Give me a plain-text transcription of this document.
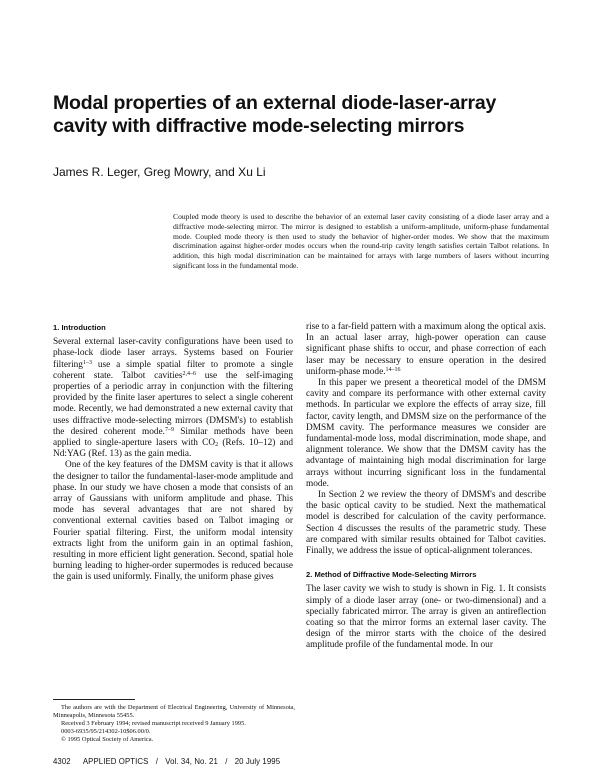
Modal properties of an external diode-laser-array
cavity with diffractive mode-selecting mirrors
James R. Leger, Greg Mowry, and Xu Li

Coupled mode theory is used to describe the behavior of an external laser cavity consisting of a diode laser array and a diffractive mode-selecting mirror. The mirror is designed to establish a uniform-amplitude, uniform-phase fundamental mode. Coupled mode theory is then used to study the behavior of higher-order modes. We show that the maximum discrimination against higher-order modes occurs when the round-trip cavity length satisfies certain Talbot relations. In addition, this high modal discrimination can be maintained for arrays with large numbers of lasers without incurring significant loss in the fundamental mode.

1. Introduction

Several external laser-cavity configurations have been used to phase-lock diode laser arrays. Systems based on Fourier filtering$^{1-3}$ use a simple spatial filter to promote a single coherent state. Talbot cavities$^{2,4-6}$ use the self-imaging properties of a periodic array in conjunction with the filtering provided by the finite laser apertures to select a single coherent mode. Recently, we had demonstrated a new external cavity that uses diffractive mode-selecting mirrors (DMSM's) to establish the desired coherent mode.$^{7-9}$ Similar methods have been applied to single-aperture lasers with $CO_2$ (Refs. 10–12) and Nd:YAG (Ref. 13) as the gain media.

One of the key features of the DMSM cavity is that it allows the designer to tailor the fundamental-laser-mode amplitude and phase. In our study we have chosen a mode that consists of an array of Gaussians with uniform amplitude and phase. This mode has several advantages that are not shared by conventional external cavities based on Talbot imaging or Fourier spatial filtering. First, the uniform modal intensity extracts light from the uniform gain in an optimal fashion, resulting in more efficient light generation. Second, spatial hole burning leading to higher-order supermodes is reduced because the gain is used uniformly. Finally, the uniform phase gives

rise to a far-field pattern with a maximum along the optical axis. In an actual laser array, high-power operation can cause significant phase shifts to occur, and phase correction of each laser may be necessary to ensure operation in the desired uniform-phase mode.$^{14-16}$

In this paper we present a theoretical model of the DMSM cavity and compare its performance with other external cavity methods. In particular we explore the effects of array size, fill factor, cavity length, and DMSM size on the performance of the DMSM cavity. The performance measures we consider are fundamental-mode loss, modal discrimination, mode shape, and alignment tolerance. We show that the DMSM cavity has the advantage of maintaining high modal discrimination for large arrays without incurring significant loss in the fundamental mode.

In Section 2 we review the theory of DMSM's and describe the basic optical cavity to be studied. Next the mathematical model is described for calculation of the cavity performance. Section 4 discusses the results of the parametric study. These are compared with similar results obtained for Talbot cavities. Finally, we address the issue of optical-alignment tolerances.

2. Method of Diffractive Mode-Selecting Mirrors

The laser cavity we wish to study is shown in Fig. 1. It consists simply of a diode laser array (one- or two-dimensional) and a specially fabricated mirror. The array is given an antireflection coating so that the mirror forms an external laser cavity. The design of the mirror starts with the choice of the desired amplitude profile of the fundamental mode. In our

The authors are with the Department of Electrical Engineering, University of Minnesota, Minneapolis, Minnesota 55455.

Received 3 February 1994; revised manuscript received 9 January 1995.

0003-6935/95/214302-10$06.00/0.

© 1995 Optical Society of America.

4302 APPLIED OPTICS / Vol. 34, No. 21 / 20 July 1995
